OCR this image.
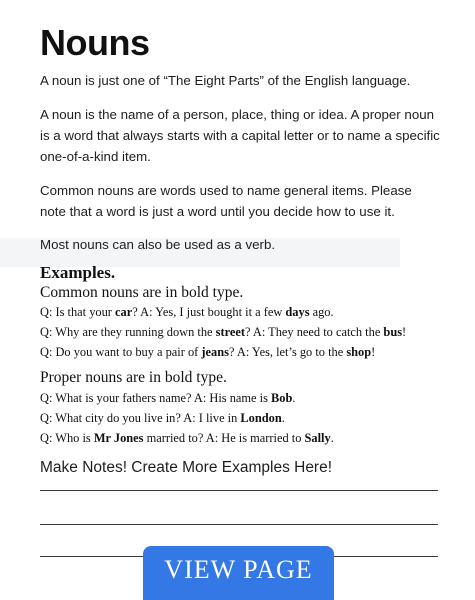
Nouns

A noun is just one of “The Eight Parts” of the English language.

A noun is the name of a person, place, thing or idea. A proper noun is a word that always starts with a capital letter or to name a specific one-of-a-kind item.

Common nouns are words used to name general items. Please note that a word is just a word until you decide how to use it.

Most nouns can also be used as a verb.

Examples.

Common nouns are in bold type.

Q: Is that your car? A: Yes, I just bought it a few days ago.

Q: Why are they running down the street? A: They need to catch the bus!

Q: Do you want to buy a pair of jeans? A: Yes, let’s go to the shop!

Proper nouns are in bold type.

Q: What is your fathers name? A: His name is Bob.

Q: What city do you live in? A: I live in London.

Q: Who is Mr Jones married to? A: He is married to Sally.

Make Notes! Create More Examples Here!

VIEW PAGE
